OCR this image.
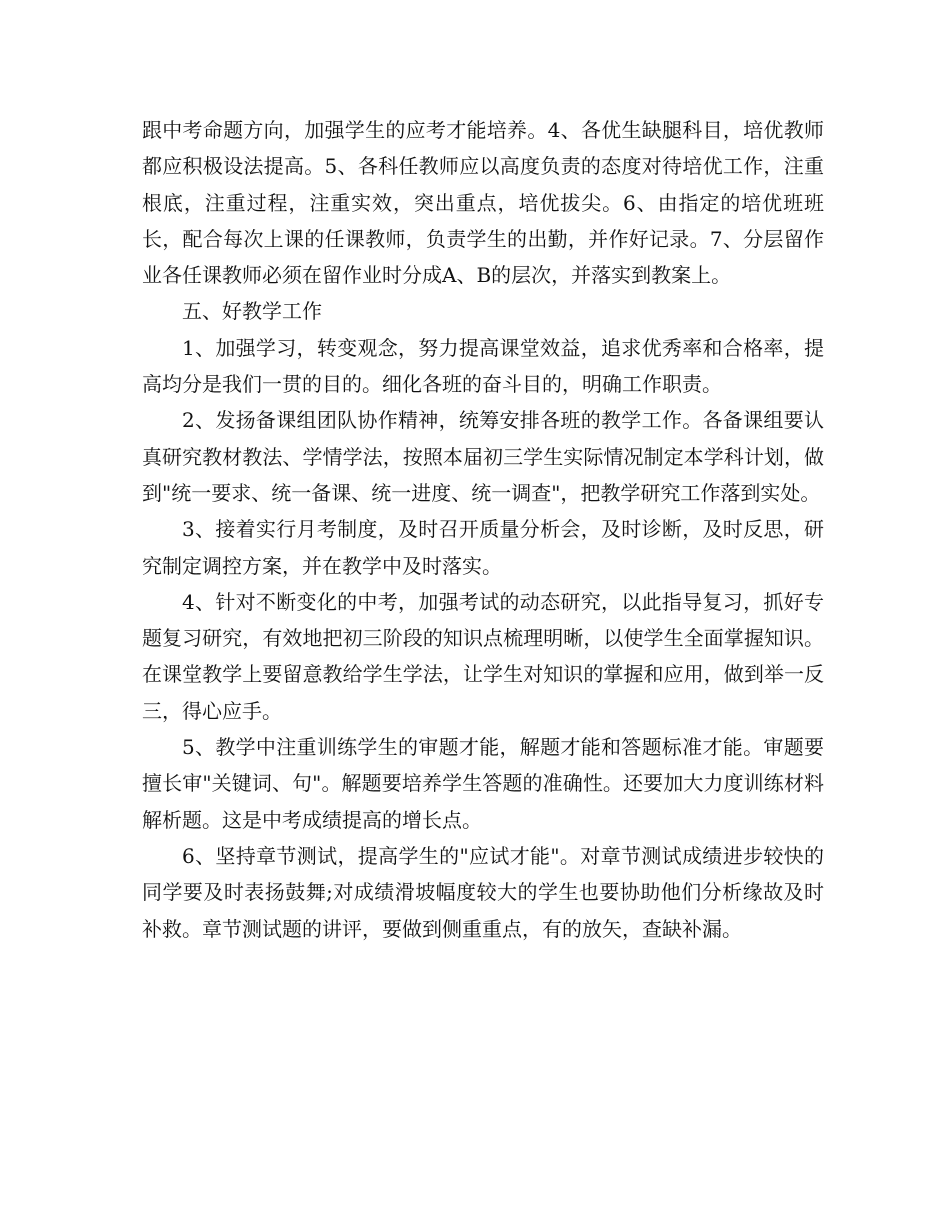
跟中考命题方向，加强学生的应考才能培养。4、各优生缺腿科目，培优教师都应积极设法提高。5、各科任教师应以高度负责的态度对待培优工作，注重根底，注重过程，注重实效，突出重点，培优拔尖。6、由指定的培优班班长，配合每次上课的任课教师，负责学生的出勤，并作好记录。7、分层留作业各任课教师必须在留作业时分成A、B的层次，并落实到教案上。

五、好教学工作

1、加强学习，转变观念，努力提高课堂效益，追求优秀率和合格率，提高均分是我们一贯的目的。细化各班的奋斗目的，明确工作职责。

2、发扬备课组团队协作精神，统筹安排各班的教学工作。各备课组要认真研究教材教法、学情学法，按照本届初三学生实际情况制定本学科计划，做到"统一要求、统一备课、统一进度、统一调查"，把教学研究工作落到实处。

3、接着实行月考制度，及时召开质量分析会，及时诊断，及时反思，研究制定调控方案，并在教学中及时落实。

4、针对不断变化的中考，加强考试的动态研究，以此指导复习，抓好专题复习研究，有效地把初三阶段的知识点梳理明晰，以使学生全面掌握知识。在课堂教学上要留意教给学生学法，让学生对知识的掌握和应用，做到举一反三，得心应手。

5、教学中注重训练学生的审题才能，解题才能和答题标准才能。审题要擅长审"关键词、句"。解题要培养学生答题的准确性。还要加大力度训练材料解析题。这是中考成绩提高的增长点。

6、坚持章节测试，提高学生的"应试才能"。对章节测试成绩进步较快的同学要及时表扬鼓舞;对成绩滑坡幅度较大的学生也要协助他们分析缘故及时补救。章节测试题的讲评，要做到侧重重点，有的放矢，查缺补漏。
